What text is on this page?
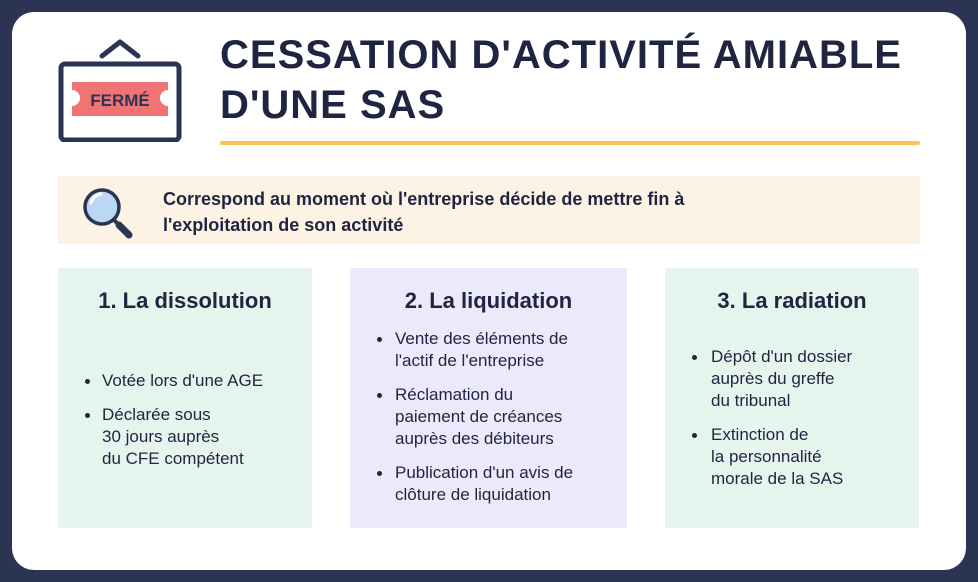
FERMÉ
CESSATION D'ACTIVITÉ AMIABLE
D'UNE SAS
Correspond au moment où l'entreprise décide de mettre fin à
l'exploitation de son activité
1. La dissolution
Votée lors d'une AGE
Déclarée sous
30 jours auprès
du CFE compétent
2. La liquidation
Vente des éléments de
l'actif de l'entreprise
Réclamation du
paiement de créances
auprès des débiteurs
Publication d'un avis de
clôture de liquidation
3. La radiation
Dépôt d'un dossier
auprès du greffe
du tribunal
Extinction de
la personnalité
morale de la SAS
